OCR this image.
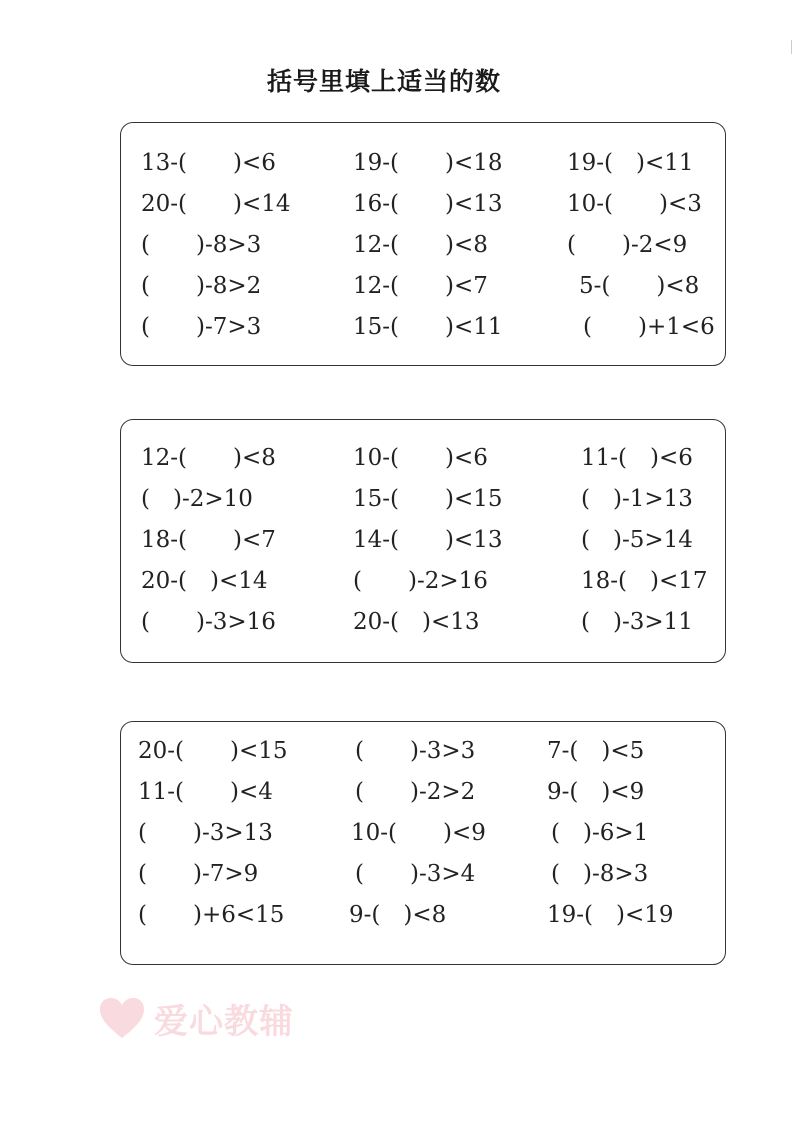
括号里填上适当的数
13-(　　)<6	19-(　　)<18	19-(　)<11
20-(　　)<14	16-(　　)<13	10-(　　)<3
(　　)-8>3	12-(　　)<8	(　　)-2<9
(　　)-8>2	12-(　　)<7	5-(　　)<8
(　　)-7>3	15-(　　)<11	(　　)+1<6
12-(　　)<8	10-(　　)<6	11-(　)<6
(　)-2>10	15-(　　)<15	(　)-1>13
18-(　　)<7	14-(　　)<13	(　)-5>14
20-(　)<14	(　　)-2>16	18-(　)<17
(　　)-3>16	20-(　)<13	(　)-3>11
20-(　　)<15	(　　)-3>3	7-(　)<5
11-(　　)<4	(　　)-2>2	9-(　)<9
(　　)-3>13	10-(　　)<9	(　)-6>1
(　　)-7>9	(　　)-3>4	(　)-8>3
(　　)+6<15	9-(　)<8	19-(　)<19
爱心教辅
